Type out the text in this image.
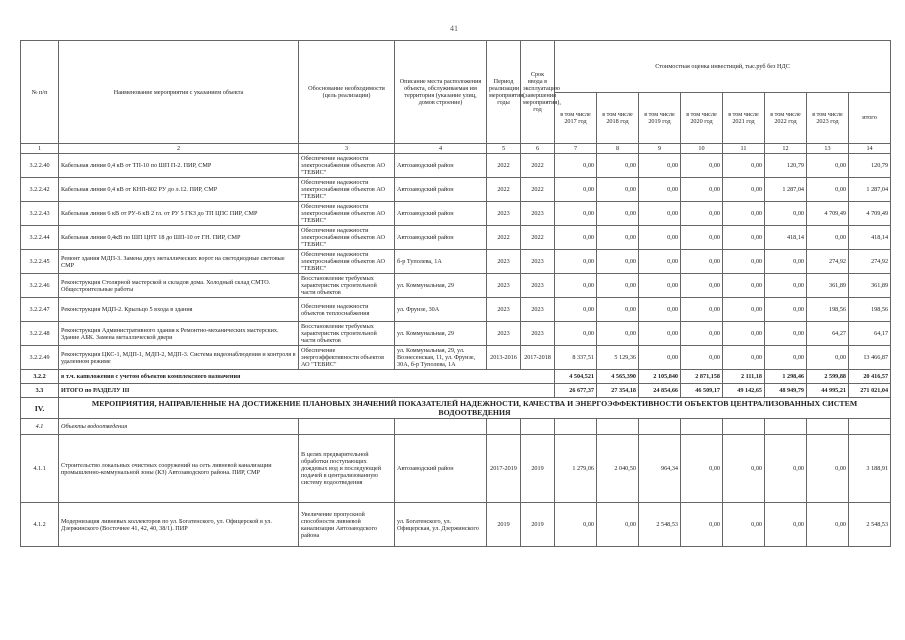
41
№ п/п	Наименование мероприятия с указанием объекта	Обоснование необходимости (цель реализации)	Описание места расположения объекта, обслуживаемая им территория (указание улиц, домов строение)	Период реализации мероприятия, годы	Срок ввода в эксплуатацию (завершения мероприятия), год	Стоимостная оценка инвестиций, тыс.руб без НДС							
						в том числе 2017 год	в том числе 2018 год	в том числе 2019 год	в том числе 2020 год	в том числе 2021 год	в том числе 2022 год	в том числе 2023 год	итого
1	2	3	4	5	6	7	8	9	10	11	12	13	14
3.2.2.40	Кабельная линия 0,4 кВ от ТП-10 по ШП П-2. ПИР, СМР	Обеспечение надежности электроснабжения объектов АО "ТЕВИС"	Автозаводский район	2022	2022	0,00	0,00	0,00	0,00	0,00	120,79	0,00	120,79
3.2.2.42	Кабельная линия 0,4 кВ от КНП-802 РУ до л.12. ПИР, СМР	Обеспечение надежности электроснабжения объектов АО "ТЕВИС"	Автозаводский район	2022	2022	0,00	0,00	0,00	0,00	0,00	1 287,04	0,00	1 287,04
3.2.2.43	Кабельная линия 6 кВ от РУ-6 кВ 2 гл. от РУ 5 ГКЗ до ТП ЦПС ПИР, СМР	Обеспечение надежности электроснабжения объектов АО "ТЕВИС"	Автозаводский район	2023	2023	0,00	0,00	0,00	0,00	0,00	0,00	4 709,49	4 709,49
3.2.2.44	Кабельная линия 0,4кВ по ШП ЦНТ 18 до ШП-10 от ГН. ПИР, СМР	Обеспечение надежности электроснабжения объектов АО "ТЕВИС"	Автозаводский район	2022	2022	0,00	0,00	0,00	0,00	0,00	418,14	0,00	418,14
3.2.2.45	Ремонт здания МДП-3. Замена двух металлических ворот на светодиодные световые СМР	Обеспечение надежности электроснабжения объектов АО "ТЕВИС"	б-р Туполева, 1А	2023	2023	0,00	0,00	0,00	0,00	0,00	0,00	274,92	274,92
3.2.2.46	Реконструкция Столярной мастерской и складов дома. Холодный склад СМТО. Общестроительные работы	Восстановление требуемых характеристик строительной части объектов	ул. Коммунальная, 29	2023	2023	0,00	0,00	0,00	0,00	0,00	0,00	361,89	361,89
3.2.2.47	Реконструкция МДП-2. Крыльцо 5 входа в здания	Обеспечение надежности объектов теплоснабжения	ул. Фрунзе, 30А	2023	2023	0,00	0,00	0,00	0,00	0,00	0,00	198,56	198,56
3.2.2.48	Реконструкция Административного здания к Ремонтно-механических мастерских. Здание АБК. Замена металлической двери	Восстановление требуемых характеристик строительной части объектов	ул. Коммунальная, 29	2023	2023	0,00	0,00	0,00	0,00	0,00	0,00	64,27	64,17
3.2.2.49	Реконструкция ЦКС-1, МДП-1, МДП-2, МДП-3. Система видеонаблюдения и контроля в удаленном режиме	Обеспечение энергоэффективности объектов АО "ТЕВИС"	ул. Коммунальная, 29, ул. Вознесенская, 11, ул. Фрунзе, 30А, б-р Туполева, 1А	2013-2016	2017-2018	8 337,51	5 129,36	0,00	0,00	0,00	0,00	0,00	13 466,87
3.2.2	в т.ч. капвложения с учетом объектов комплексного назначения					4 504,521	4 565,390	2 105,840	2 871,158	2 111,18	1 298,46	2 599,88	20 416,57
3.3	ИТОГО по РАЗДЕЛУ III					26 677,37	27 354,18	24 854,66	46 509,17	49 142,65	48 949,79	44 995,21	271 021,04
IV.	МЕРОПРИЯТИЯ, НАПРАВЛЕННЫЕ НА ДОСТИЖЕНИЕ ПЛАНОВЫХ ЗНАЧЕНИЙ ПОКАЗАТЕЛЕЙ НАДЕЖНОСТИ, КАЧЕСТВА И ЭНЕРГОЭФФЕКТИВНОСТИ ОБЪЕКТОВ ЦЕНТРАЛИЗОВАННЫХ СИСТЕМ ВОДООТВЕДЕНИЯ												
4.1	Объекты водоотведения												
4.1.1	Строительство локальных очистных сооружений на сеть ливневой канализации промышленно-коммунальной зоны (КЗ) Автозаводского района. ПИР, СМР	В целях предварительной обработки поступающих дождевых вод и последующей подачей в централизованную систему водоотведения	Автозаводский район	2017-2019	2019	1 279,06	2 040,50	964,34	0,00	0,00	0,00	0,00	3 188,91
4.1.2	Модернизация ливневых коллекторов по ул. Богатенского, ул. Офицерской в ул. Дзержинского (Восточнее 41, 42, 40, 38/1). ПИР	Увеличение пропускной способности ливневой канализации Автозаводского района	ул. Богатенского, ул. Офицерская, ул. Дзержинского	2019	2019	0,00	0,00	2 548,53	0,00	0,00	0,00	0,00	2 548,53
